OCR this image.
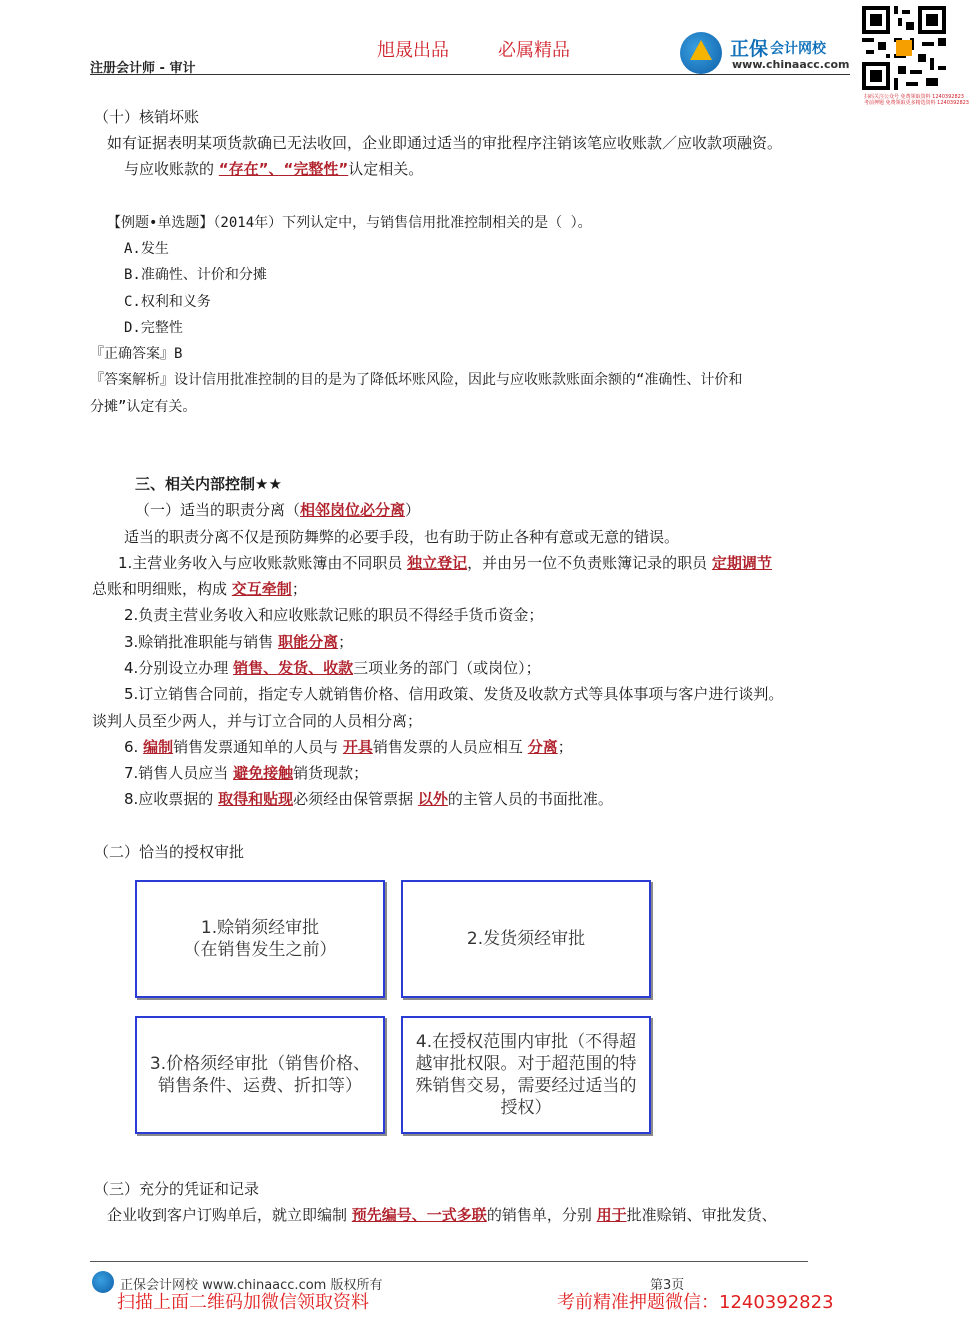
旭晟出品	必属精品
注册会计师 - 审计
正保 会计网校
www.chinaacc.com
扫码关注公众号 免费领取资料 1240392823
考前押题 免费领取更多精选资料 1240392823
（十）核销坏账
如有证据表明某项货款确已无法收回，企业即通过适当的审批程序注销该笔应收账款／应收款项融资。
与应收账款的 “存在”、“完整性”认定相关。
【例题•单选题】（2014年）下列认定中，与销售信用批准控制相关的是（ ）。
A.发生
B.准确性、计价和分摊
C.权利和义务
D.完整性
『正确答案』B
『答案解析』设计信用批准控制的目的是为了降低坏账风险，因此与应收账款账面余额的“准确性、计价和
分摊”认定有关。
三、相关内部控制★★
（一）适当的职责分离（相邻岗位必分离）
适当的职责分离不仅是预防舞弊的必要手段，也有助于防止各种有意或无意的错误。
1.主营业务收入与应收账款账簿由不同职员 独立登记，并由另一位不负责账簿记录的职员 定期调节
总账和明细账，构成 交互牵制；
2.负责主营业务收入和应收账款记账的职员不得经手货币资金；
3.赊销批准职能与销售 职能分离；
4.分别设立办理 销售、发货、收款三项业务的部门（或岗位）；
5.订立销售合同前，指定专人就销售价格、信用政策、发货及收款方式等具体事项与客户进行谈判。
谈判人员至少两人，并与订立合同的人员相分离；
6. 编制销售发票通知单的人员与 开具销售发票的人员应相互 分离；
7.销售人员应当 避免接触销货现款；
8.应收票据的 取得和贴现必须经由保管票据 以外的主管人员的书面批准。
（二）恰当的授权审批
1.赊销须经审批
（在销售发生之前）
2.发货须经审批
3.价格须经审批（销售价格、
销售条件、运费、折扣等）
4.在授权范围内审批（不得超
越审批权限。对于超范围的特
殊销售交易，需要经过适当的
授权）
（三）充分的凭证和记录
企业收到客户订购单后，就立即编制 预先编号、一式多联的销售单，分别 用于批准赊销、审批发货、
正保会计网校 www.chinaacc.com 版权所有	第3页
扫描上面二维码加微信领取资料	考前精准押题微信：1240392823
